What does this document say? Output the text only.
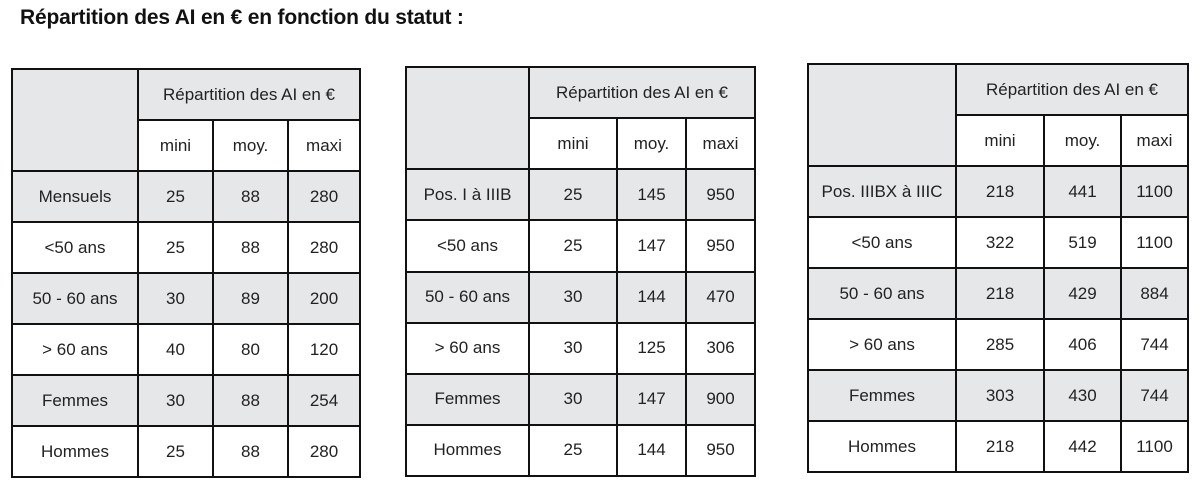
Répartition des AI en € en fonction du statut :
	Répartition des AI en €		
	mini	moy.	maxi
Mensuels	25	88	280
<50 ans	25	88	280
50 - 60 ans	30	89	200
> 60 ans	40	80	120
Femmes	30	88	254
Hommes	25	88	280
	Répartition des AI en €		
	mini	moy.	maxi
Pos. I à IIIB	25	145	950
<50 ans	25	147	950
50 - 60 ans	30	144	470
> 60 ans	30	125	306
Femmes	30	147	900
Hommes	25	144	950
	Répartition des AI en €		
	mini	moy.	maxi
Pos. IIIBX à IIIC	218	441	1100
<50 ans	322	519	1100
50 - 60 ans	218	429	884
> 60 ans	285	406	744
Femmes	303	430	744
Hommes	218	442	1100
